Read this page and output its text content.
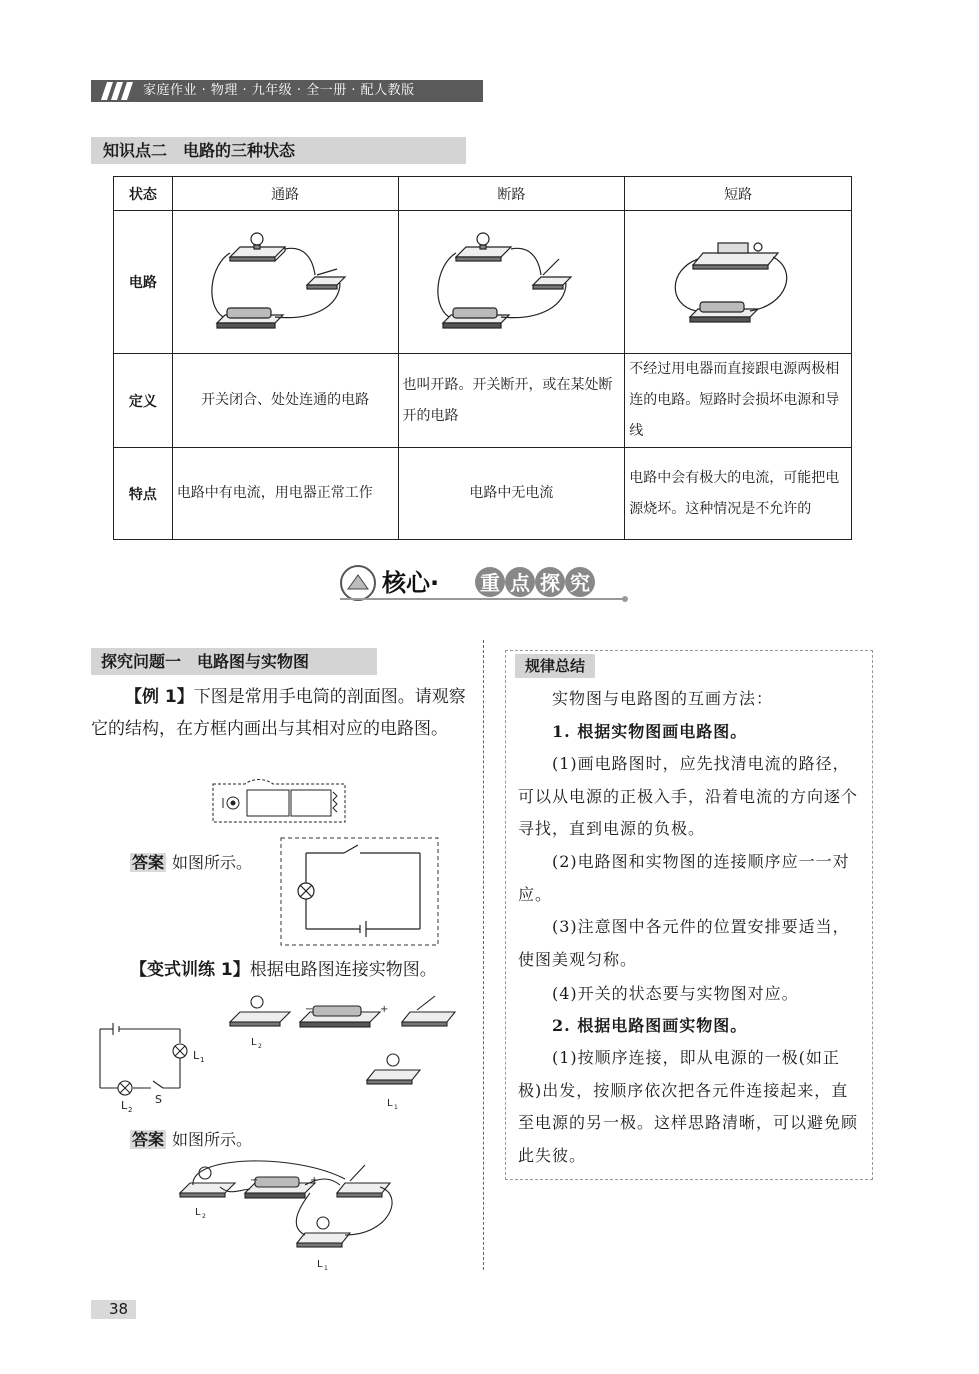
家庭作业 · 物理 · 九年级 · 全一册 · 配人教版
知识点二　电路的三种状态
状态	通路	断路	短路
电路			
定义	开关闭合、处处连通的电路	也叫开路。开关断开，或在某处断开的电路	不经过用电器而直接跟电源两极相连的电路。短路时会损坏电源和导线
特点	电路中有电流，用电器正常工作	电路中无电流	电路中会有极大的电流，可能把电源烧坏。这种情况是不允许的
核心· 重 点 探 究
探究问题一　电路图与实物图
【例 1】下图是常用手电筒的剖面图。请观察它的结构，在方框内画出与其相对应的电路图。
答案 如图所示。
【变式训练 1】根据电路图连接实物图。
L 1
L 2
S
−	+
L 2
L 1
答案 如图所示。
L 2
L 1
−	+
规律总结
实物图与电路图的互画方法：
1. 根据实物图画电路图。
(1)画电路图时，应先找清电流的路径，可以从电源的正极入手，沿着电流的方向逐个寻找，直到电源的负极。
(2)电路图和实物图的连接顺序应一一对应。
(3)注意图中各元件的位置安排要适当，使图美观匀称。
(4)开关的状态要与实物图对应。
2. 根据电路图画实物图。
(1)按顺序连接，即从电源的一极(如正极)出发，按顺序依次把各元件连接起来，直至电源的另一极。这样思路清晰，可以避免顾此失彼。
38
